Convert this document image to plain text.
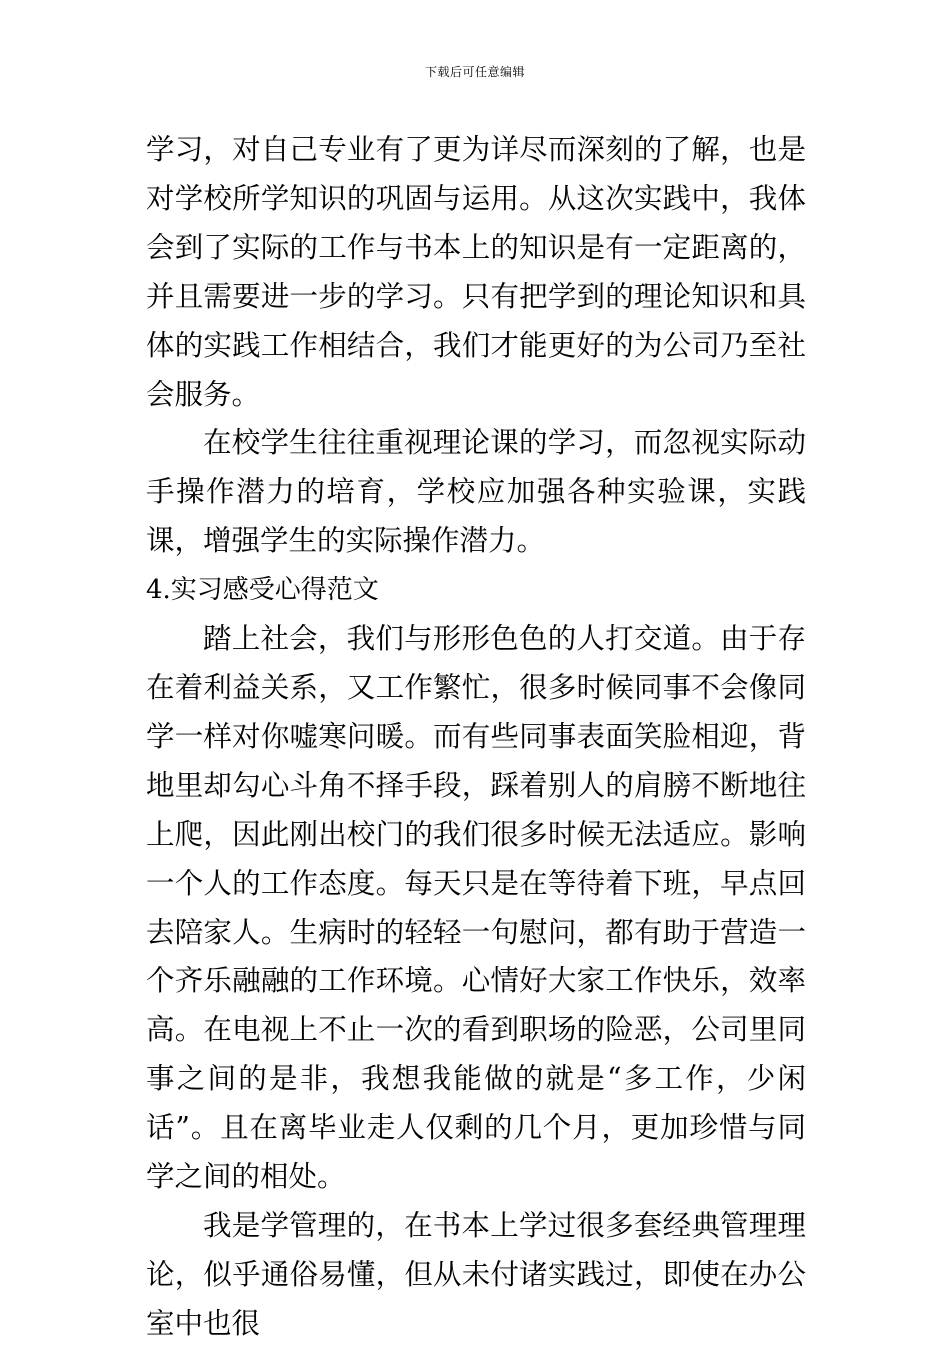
下载后可任意编辑

学习，对自己专业有了更为详尽而深刻的了解，也是对学校所学知识的巩固与运用。从这次实践中，我体会到了实际的工作与书本上的知识是有一定距离的，并且需要进一步的学习。只有把学到的理论知识和具体的实践工作相结合，我们才能更好的为公司乃至社会服务。

在校学生往往重视理论课的学习，而忽视实际动手操作潜力的培育，学校应加强各种实验课，实践课，增强学生的实际操作潜力。

4.实习感受心得范文

踏上社会，我们与形形色色的人打交道。由于存在着利益关系，又工作繁忙，很多时候同事不会像同学一样对你嘘寒问暖。而有些同事表面笑脸相迎，背地里却勾心斗角不择手段，踩着别人的肩膀不断地往上爬，因此刚出校门的我们很多时候无法适应。影响一个人的工作态度。每天只是在等待着下班，早点回去陪家人。生病时的轻轻一句慰问，都有助于营造一个齐乐融融的工作环境。心情好大家工作快乐，效率高。在电视上不止一次的看到职场的险恶，公司里同事之间的是非，我想我能做的就是“多工作，少闲话”。且在离毕业走人仅剩的几个月，更加珍惜与同学之间的相处。

我是学管理的，在书本上学过很多套经典管理理论，似乎通俗易懂，但从未付诸实践过，即使在办公室中也很
